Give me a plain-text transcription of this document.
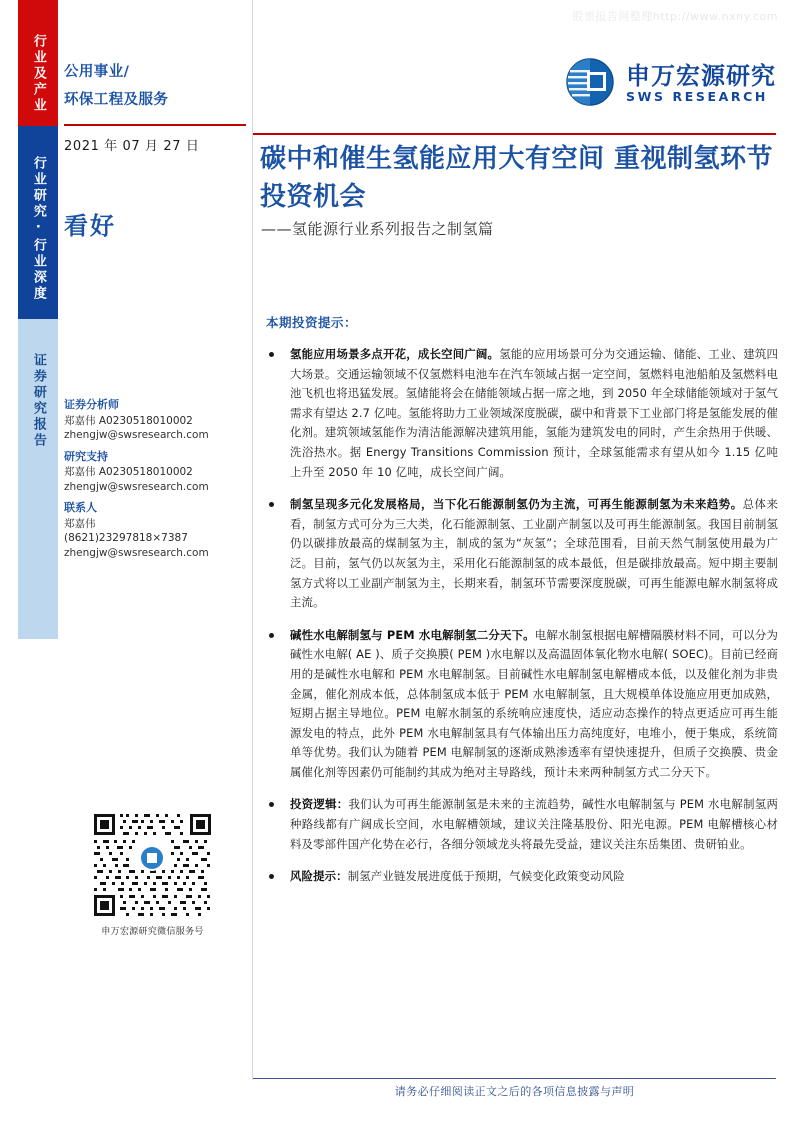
股票报告网整理http://www.nxny.com
行业及产业
行业研究·行业深度
证券研究报告
公用事业/
环保工程及服务
2021 年 07 月 27 日
看好
证券分析师
郑嘉伟 A0230518010002
zhengjw@swsresearch.com
研究支持
郑嘉伟 A0230518010002
zhengjw@swsresearch.com
联系人
郑嘉伟
(8621)23297818×7387
zhengjw@swsresearch.com
申万宏源研究微信服务号
申万宏源研究
SWS RESEARCH
碳中和催生氢能应用大有空间 重视制氢环节投资机会
——氢能源行业系列报告之制氢篇
本期投资提示：
氢能应用场景多点开花，成长空间广阔。氢能的应用场景可分为交通运输、储能、工业、建筑四大场景。交通运输领域不仅氢燃料电池车在汽车领域占据一定空间，氢燃料电池船舶及氢燃料电池飞机也将迅猛发展。氢储能将会在储能领域占据一席之地，到 2050 年全球储能领域对于氢气需求有望达 2.7 亿吨。氢能将助力工业领域深度脱碳，碳中和背景下工业部门将是氢能发展的催化剂。建筑领域氢能作为清洁能源解决建筑用能，氢能为建筑发电的同时，产生余热用于供暖、洗浴热水。据 Energy Transitions Commission 预计，全球氢能需求有望从如今 1.15 亿吨上升至 2050 年 10 亿吨，成长空间广阔。
制氢呈现多元化发展格局，当下化石能源制氢仍为主流，可再生能源制氢为未来趋势。总体来看，制氢方式可分为三大类，化石能源制氢、工业副产制氢以及可再生能源制氢。我国目前制氢仍以碳排放最高的煤制氢为主，制成的氢为“灰氢”；全球范围看，目前天然气制氢使用最为广泛。目前，氢气仍以灰氢为主，采用化石能源制氢的成本最低，但是碳排放最高。短中期主要制氢方式将以工业副产制氢为主，长期来看，制氢环节需要深度脱碳，可再生能源电解水制氢将成主流。
碱性水电解制氢与 PEM 水电解制氢二分天下。电解水制氢根据电解槽隔膜材料不同，可以分为碱性水电解( AE )、质子交换膜( PEM )水电解以及高温固体氧化物水电解( SOEC)。目前已经商用的是碱性水电解和 PEM 水电解制氢。目前碱性水电解制氢电解槽成本低，以及催化剂为非贵金属，催化剂成本低，总体制氢成本低于 PEM 水电解制氢，且大规模单体设施应用更加成熟，短期占据主导地位。PEM 电解水制氢的系统响应速度快，适应动态操作的特点更适应可再生能源发电的特点，此外 PEM 水电解制氢具有气体输出压力高纯度好，电堆小，便于集成，系统简单等优势。我们认为随着 PEM 电解制氢的逐渐成熟渗透率有望快速提升，但质子交换膜、贵金属催化剂等因素仍可能制约其成为绝对主导路线，预计未来两种制氢方式二分天下。
投资逻辑：我们认为可再生能源制氢是未来的主流趋势，碱性水电解制氢与 PEM 水电解制氢两种路线都有广阔成长空间，水电解槽领域，建议关注隆基股份、阳光电源。PEM 电解槽核心材料及零部件国产化势在必行，各细分领域龙头将最先受益，建议关注东岳集团、贵研铂业。
风险提示：制氢产业链发展进度低于预期，气候变化政策变动风险
请务必仔细阅读正文之后的各项信息披露与声明
